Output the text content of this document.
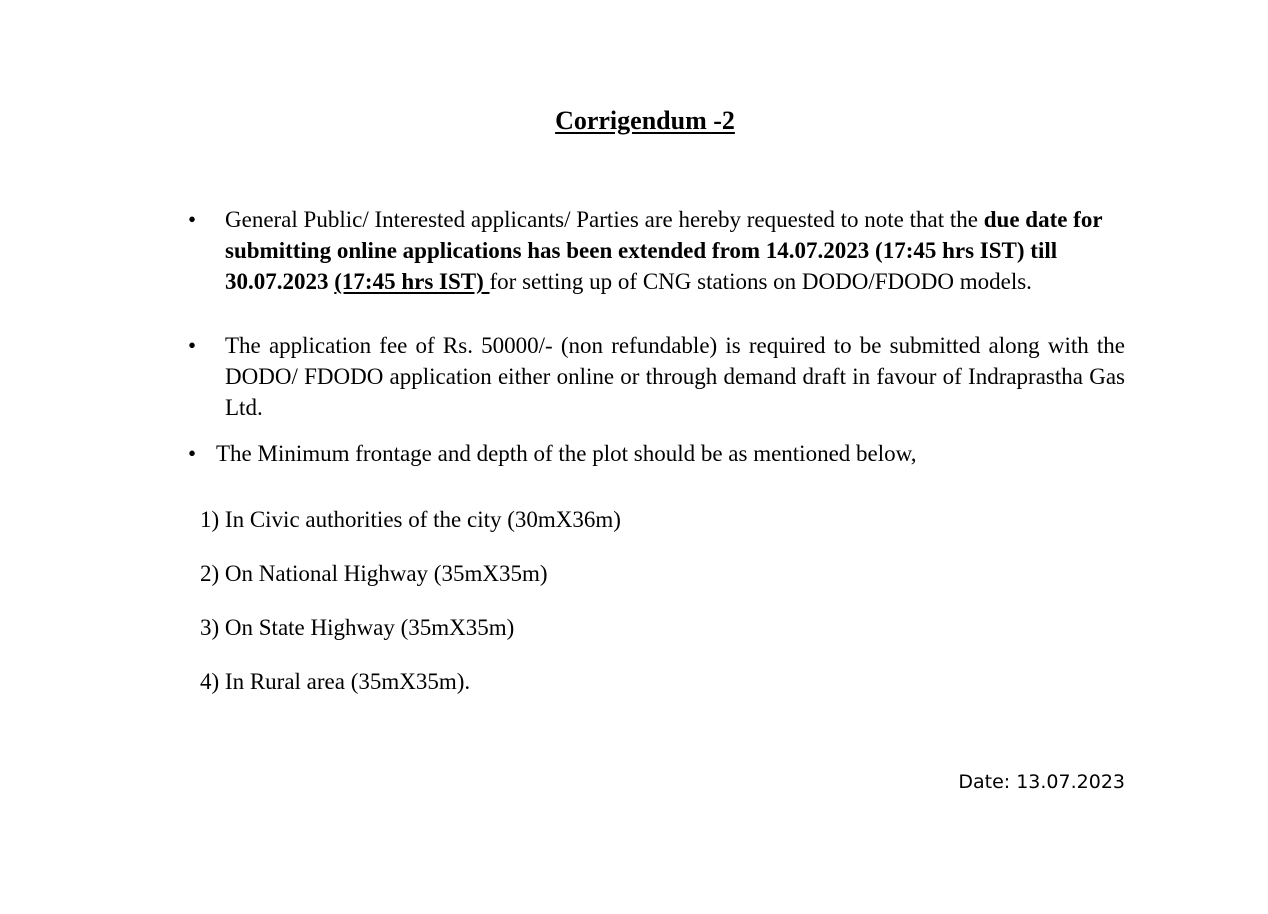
Corrigendum -2
• General Public/ Interested applicants/ Parties are hereby requested to note that the due date for submitting online applications has been extended from 14.07.2023 (17:45 hrs IST) till 30.07.2023 (17:45 hrs IST) for setting up of CNG stations on DODO/FDODO models.

• The application fee of Rs. 50000/- (non refundable) is required to be submitted along with the DODO/ FDODO application either online or through demand draft in favour of Indraprastha Gas Ltd.

• The Minimum frontage and depth of the plot should be as mentioned below,

1) In Civic authorities of the city (30mX36m)

2) On National Highway (35mX35m)

3) On State Highway (35mX35m)

4) In Rural area (35mX35m).

Date: 13.07.2023
